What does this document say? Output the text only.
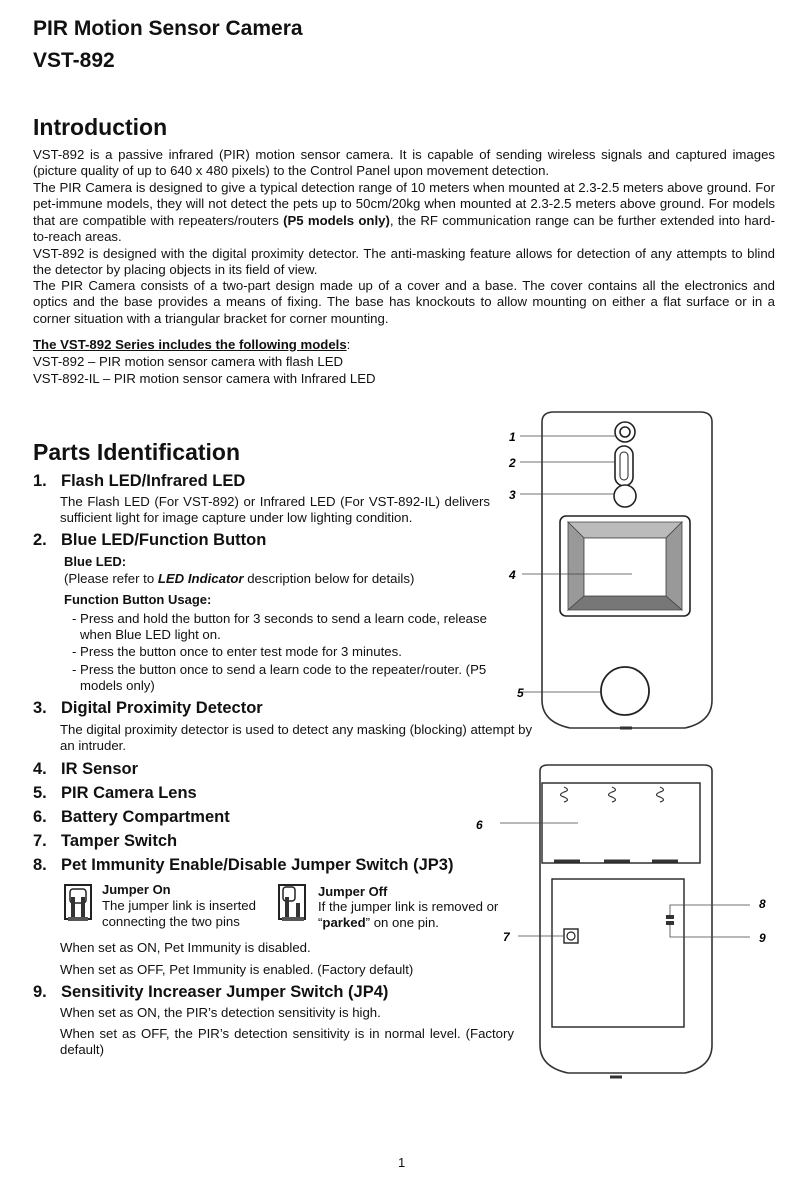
PIR Motion Sensor Camera
VST-892
Introduction

VST-892 is a passive infrared (PIR) motion sensor camera. It is capable of sending wireless signals and captured images (picture quality of up to 640 x 480 pixels) to the Control Panel upon movement detection.

The PIR Camera is designed to give a typical detection range of 10 meters when mounted at 2.3-2.5 meters above ground. For pet-immune models, they will not detect the pets up to 50cm/20kg when mounted at 2.3-2.5 meters above ground. For models that are compatible with repeaters/routers (P5 models only), the RF communication range can be further extended into hard-to-reach areas.

VST-892 is designed with the digital proximity detector. The anti-masking feature allows for detection of any attempts to blind the detector by placing objects in its field of view.

The PIR Camera consists of a two-part design made up of a cover and a base. The cover contains all the electronics and optics and the base provides a means of fixing. The base has knockouts to allow mounting on either a flat surface or in a corner situation with a triangular bracket for corner mounting.

The VST-892 Series includes the following models:
VST-892 – PIR motion sensor camera with flash LED
VST-892-IL – PIR motion sensor camera with Infrared LED
Parts Identification
1. Flash LED/Infrared LED
The Flash LED (For VST-892) or Infrared LED (For VST-892-IL) delivers sufficient light for image capture under low lighting condition.
2. Blue LED/Function Button
Blue LED:
(Please refer to LED Indicator description below for details)
Function Button Usage:
- Press and hold the button for 3 seconds to send a learn code, release when Blue LED light on.
- Press the button once to enter test mode for 3 minutes.
- Press the button once to send a learn code to the repeater/router. (P5 models only)
3. Digital Proximity Detector
The digital proximity detector is used to detect any masking (blocking) attempt by an intruder.
4. IR Sensor
5. PIR Camera Lens
6. Battery Compartment
7. Tamper Switch
8. Pet Immunity Enable/Disable Jumper Switch (JP3)
Jumper On
The jumper link is inserted connecting the two pins
Jumper Off
If the jumper link is removed or “parked” on one pin.
When set as ON, Pet Immunity is disabled.
When set as OFF, Pet Immunity is enabled. (Factory default)
9. Sensitivity Increaser Jumper Switch (JP4)
When set as ON, the PIR’s detection sensitivity is high.
When set as OFF, the PIR’s detection sensitivity is in normal level. (Factory default)
1
2
3
4
5
6
7
8
9
1
